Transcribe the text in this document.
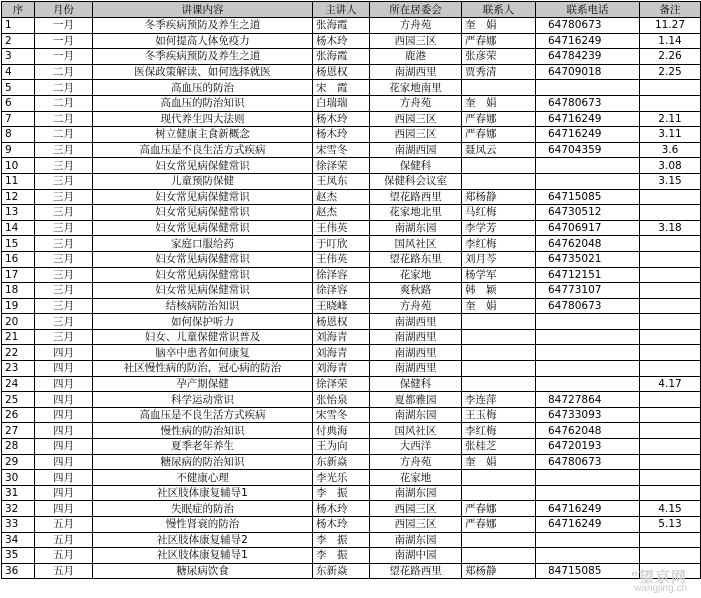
序	月份	讲课内容	主讲人	所在居委会	联系人	联系电话	备注
1	一月	冬季疾病预防及养生之道	张海霞	方舟苑	奎　娟	64780673	11.27
2	一月	如何提高人体免疫力	杨木玲	西园三区	严春娜	64716249	1.14
3	一月	冬季疾病预防及养生之道	张海霞	鹿港	张彦荣	64784239	2.26
4	二月	医保政策解读、如何选择就医	杨恩权	南湖西里	贾秀清	64709018	2.25
5	二月	高血压的防治	宋　霞	花家地南里			
6	二月	高血压的防治知识	白瑞瑞	方舟苑	奎　娟	64780673	
7	二月	现代养生四大法则	杨木玲	西园三区	严春娜	64716249	2.11
8	二月	树立健康主食新概念	杨木玲	西园三区	严春娜	64716249	3.11
9	三月	高血压是不良生活方式疾病	宋雪冬	南湖西园	聂凤云	64704359	3.6
10	三月	妇女常见病保健常识	徐泽荣	保健科			3.08
11	三月	儿童预防保健	王凤东	保健科会议室			3.15
12	三月	妇女常见病保健常识	赵杰	望花路西里	郑杨静	64715085	
13	三月	妇女常见病保健常识	赵杰	花家地北里	马红梅	64730512	
14	三月	妇女常见病保健常识	王伟英	南湖东园	李学芳	64706917	3.18
15	三月	家庭口服给药	于叮欣	国风社区	李红梅	64762048	
16	三月	妇女常见病保健常识	王伟英	望花路东里	刘月芩	64735021	
17	三月	妇女常见病保健常识	徐泽容	花家地	杨学军	64712151	
18	三月	妇女常见病保健常识	徐泽容	爽秋路	韩　颖	64773107	
19	三月	结核病防治知识	王晓峰	方舟苑	奎　娟	64780673	
20	三月	如何保护听力	杨恩权	南湖西里			
21	三月	妇女、儿童保健常识普及	刘海青	南湖西里			
22	四月	脑卒中患者如何康复	刘海青	南湖西里			
23	四月	社区慢性病的防治，冠心病的防治	刘海青	南湖西里			
24	四月	孕产期保健	徐泽荣	保健科			4.17
25	四月	科学运动常识	张怡泉	夏都雅园	李连萍	84727864	
26	四月	高血压是不良生活方式疾病	宋雪冬	南湖东园	王玉梅	64733093	
27	四月	慢性病的防治知识	付典海	国风社区	李红梅	64762048	
28	四月	夏季老年养生	王为向	大西洋	张桂芝	64720193	
29	四月	糖尿病的防治知识	东新焱	方舟苑	奎　娟	64780673	
30	四月	不健康心理	李光乐	花家地			
31	四月	社区肢体康复辅导1	李　振	南湖东园			
32	四月	失眠症的防治	杨木玲	西园三区	严春娜	64716249	4.15
33	五月	慢性肾衰的防治	杨木玲	西园三区	严春娜	64716249	5.13
34	五月	社区肢体康复辅导2	李　振	南湖东园			
35	五月	社区肢体康复辅导1	李　振	南湖中园			
36	五月	糖尿病饮食	东新焱	望花路西里	郑杨静	84715085	"望京网
wangjing.cn
